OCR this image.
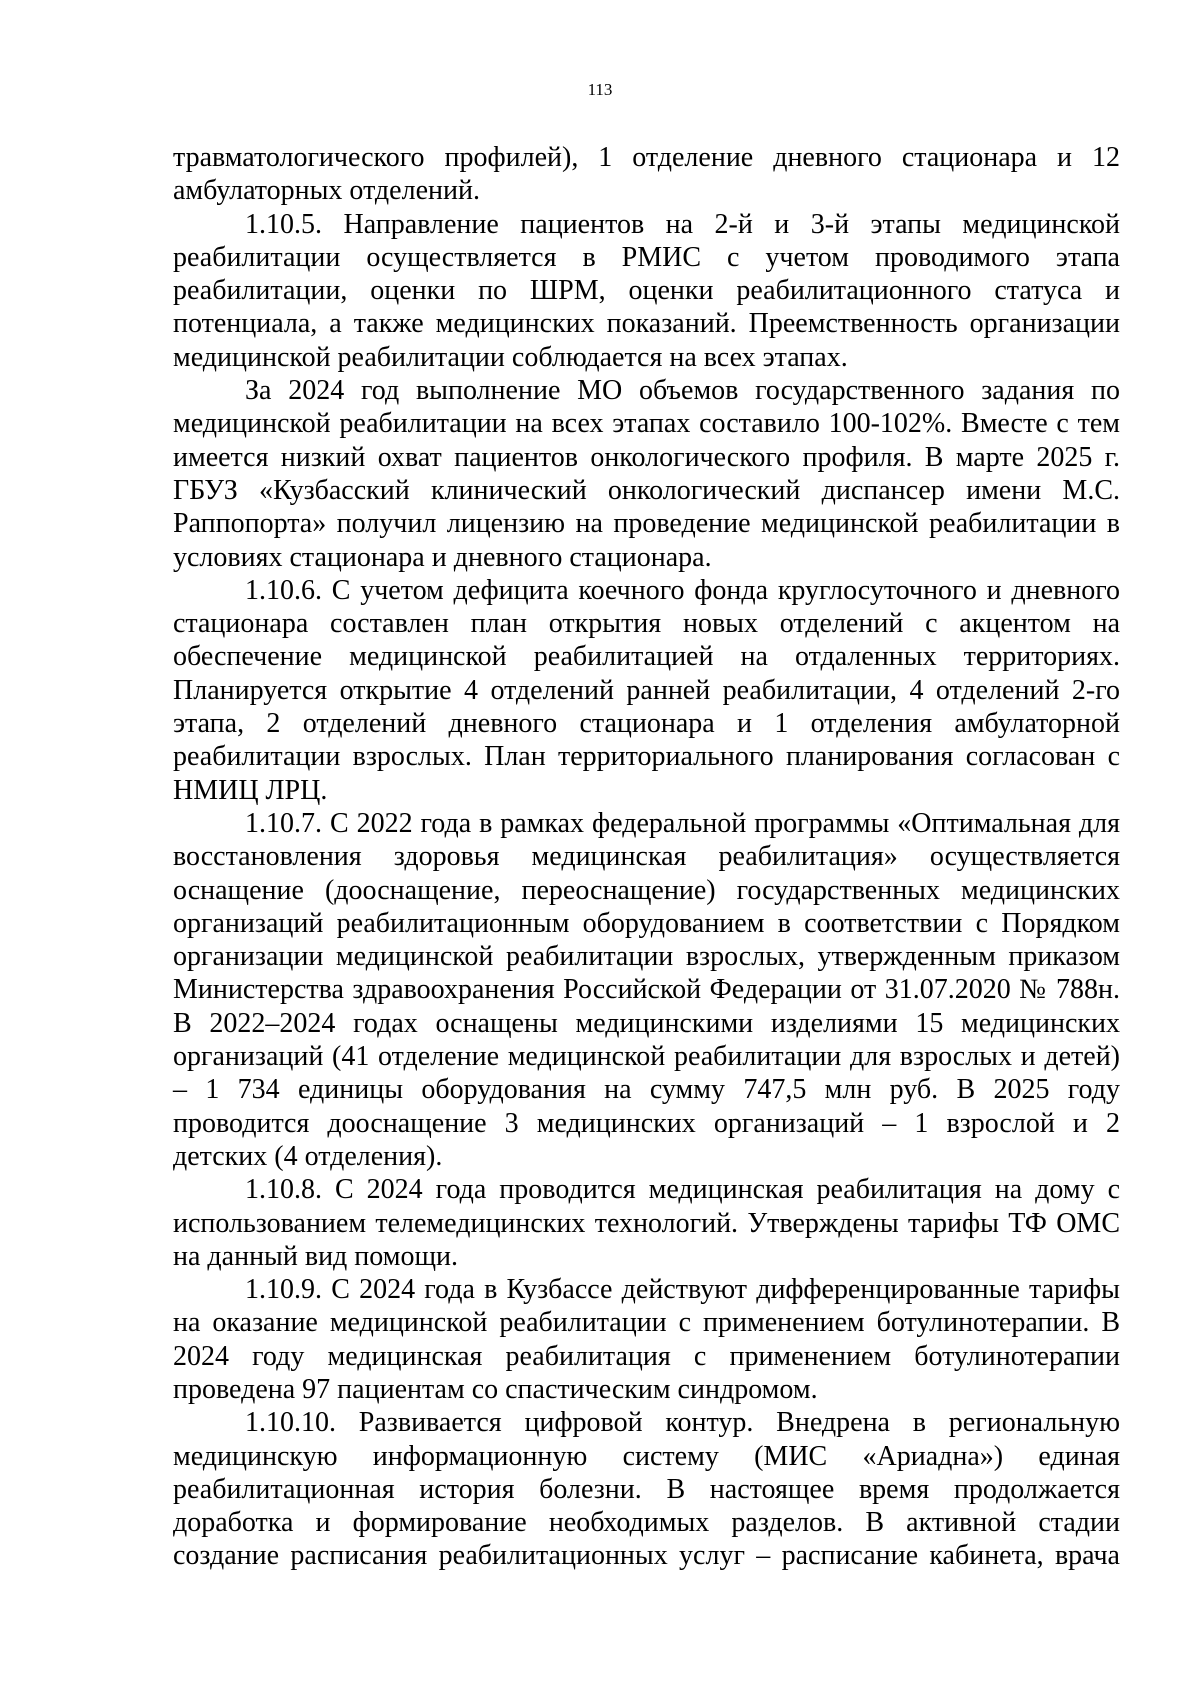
113

травматологического профилей), 1 отделение дневного стационара и 12 амбулаторных отделений.

1.10.5. Направление пациентов на 2-й и 3-й этапы медицинской реабилитации осуществляется в РМИС с учетом проводимого этапа реабилитации, оценки по ШРМ, оценки реабилитационного статуса и потенциала, а также медицинских показаний. Преемственность организации медицинской реабилитации соблюдается на всех этапах.

За 2024 год выполнение МО объемов государственного задания по медицинской реабилитации на всех этапах составило 100-102%. Вместе с тем имеется низкий охват пациентов онкологического профиля. В марте 2025 г. ГБУЗ «Кузбасский клинический онкологический диспансер имени М.С. Раппопорта» получил лицензию на проведение медицинской реабилитации в условиях стационара и дневного стационара.

1.10.6. С учетом дефицита коечного фонда круглосуточного и дневного стационара составлен план открытия новых отделений с акцентом на обеспечение медицинской реабилитацией на отдаленных территориях. Планируется открытие 4 отделений ранней реабилитации, 4 отделений 2-го этапа, 2 отделений дневного стационара и 1 отделения амбулаторной реабилитации взрослых. План территориального планирования согласован с НМИЦ ЛРЦ.

1.10.7. С 2022 года в рамках федеральной программы «Оптимальная для восстановления здоровья медицинская реабилитация» осуществляется оснащение (дооснащение, переоснащение) государственных медицинских организаций реабилитационным оборудованием в соответствии с Порядком организации медицинской реабилитации взрослых, утвержденным приказом Министерства здравоохранения Российской Федерации от 31.07.2020 № 788н. В 2022–2024 годах оснащены медицинскими изделиями 15 медицинских организаций (41 отделение медицинской реабилитации для взрослых и детей) – 1 734 единицы оборудования на сумму 747,5 млн руб. В 2025 году проводится дооснащение 3 медицинских организаций – 1 взрослой и 2 детских (4 отделения).

1.10.8. С 2024 года проводится медицинская реабилитация на дому с использованием телемедицинских технологий. Утверждены тарифы ТФ ОМС на данный вид помощи.

1.10.9. С 2024 года в Кузбассе действуют дифференцированные тарифы на оказание медицинской реабилитации с применением ботулинотерапии. В 2024 году медицинская реабилитация с применением ботулинотерапии проведена 97 пациентам со спастическим синдромом.

1.10.10. Развивается цифровой контур. Внедрена в региональную медицинскую информационную систему (МИС «Ариадна») единая реабилитационная история болезни. В настоящее время продолжается доработка и формирование необходимых разделов. В активной стадии создание расписания реабилитационных услуг – расписание кабинета, врача
